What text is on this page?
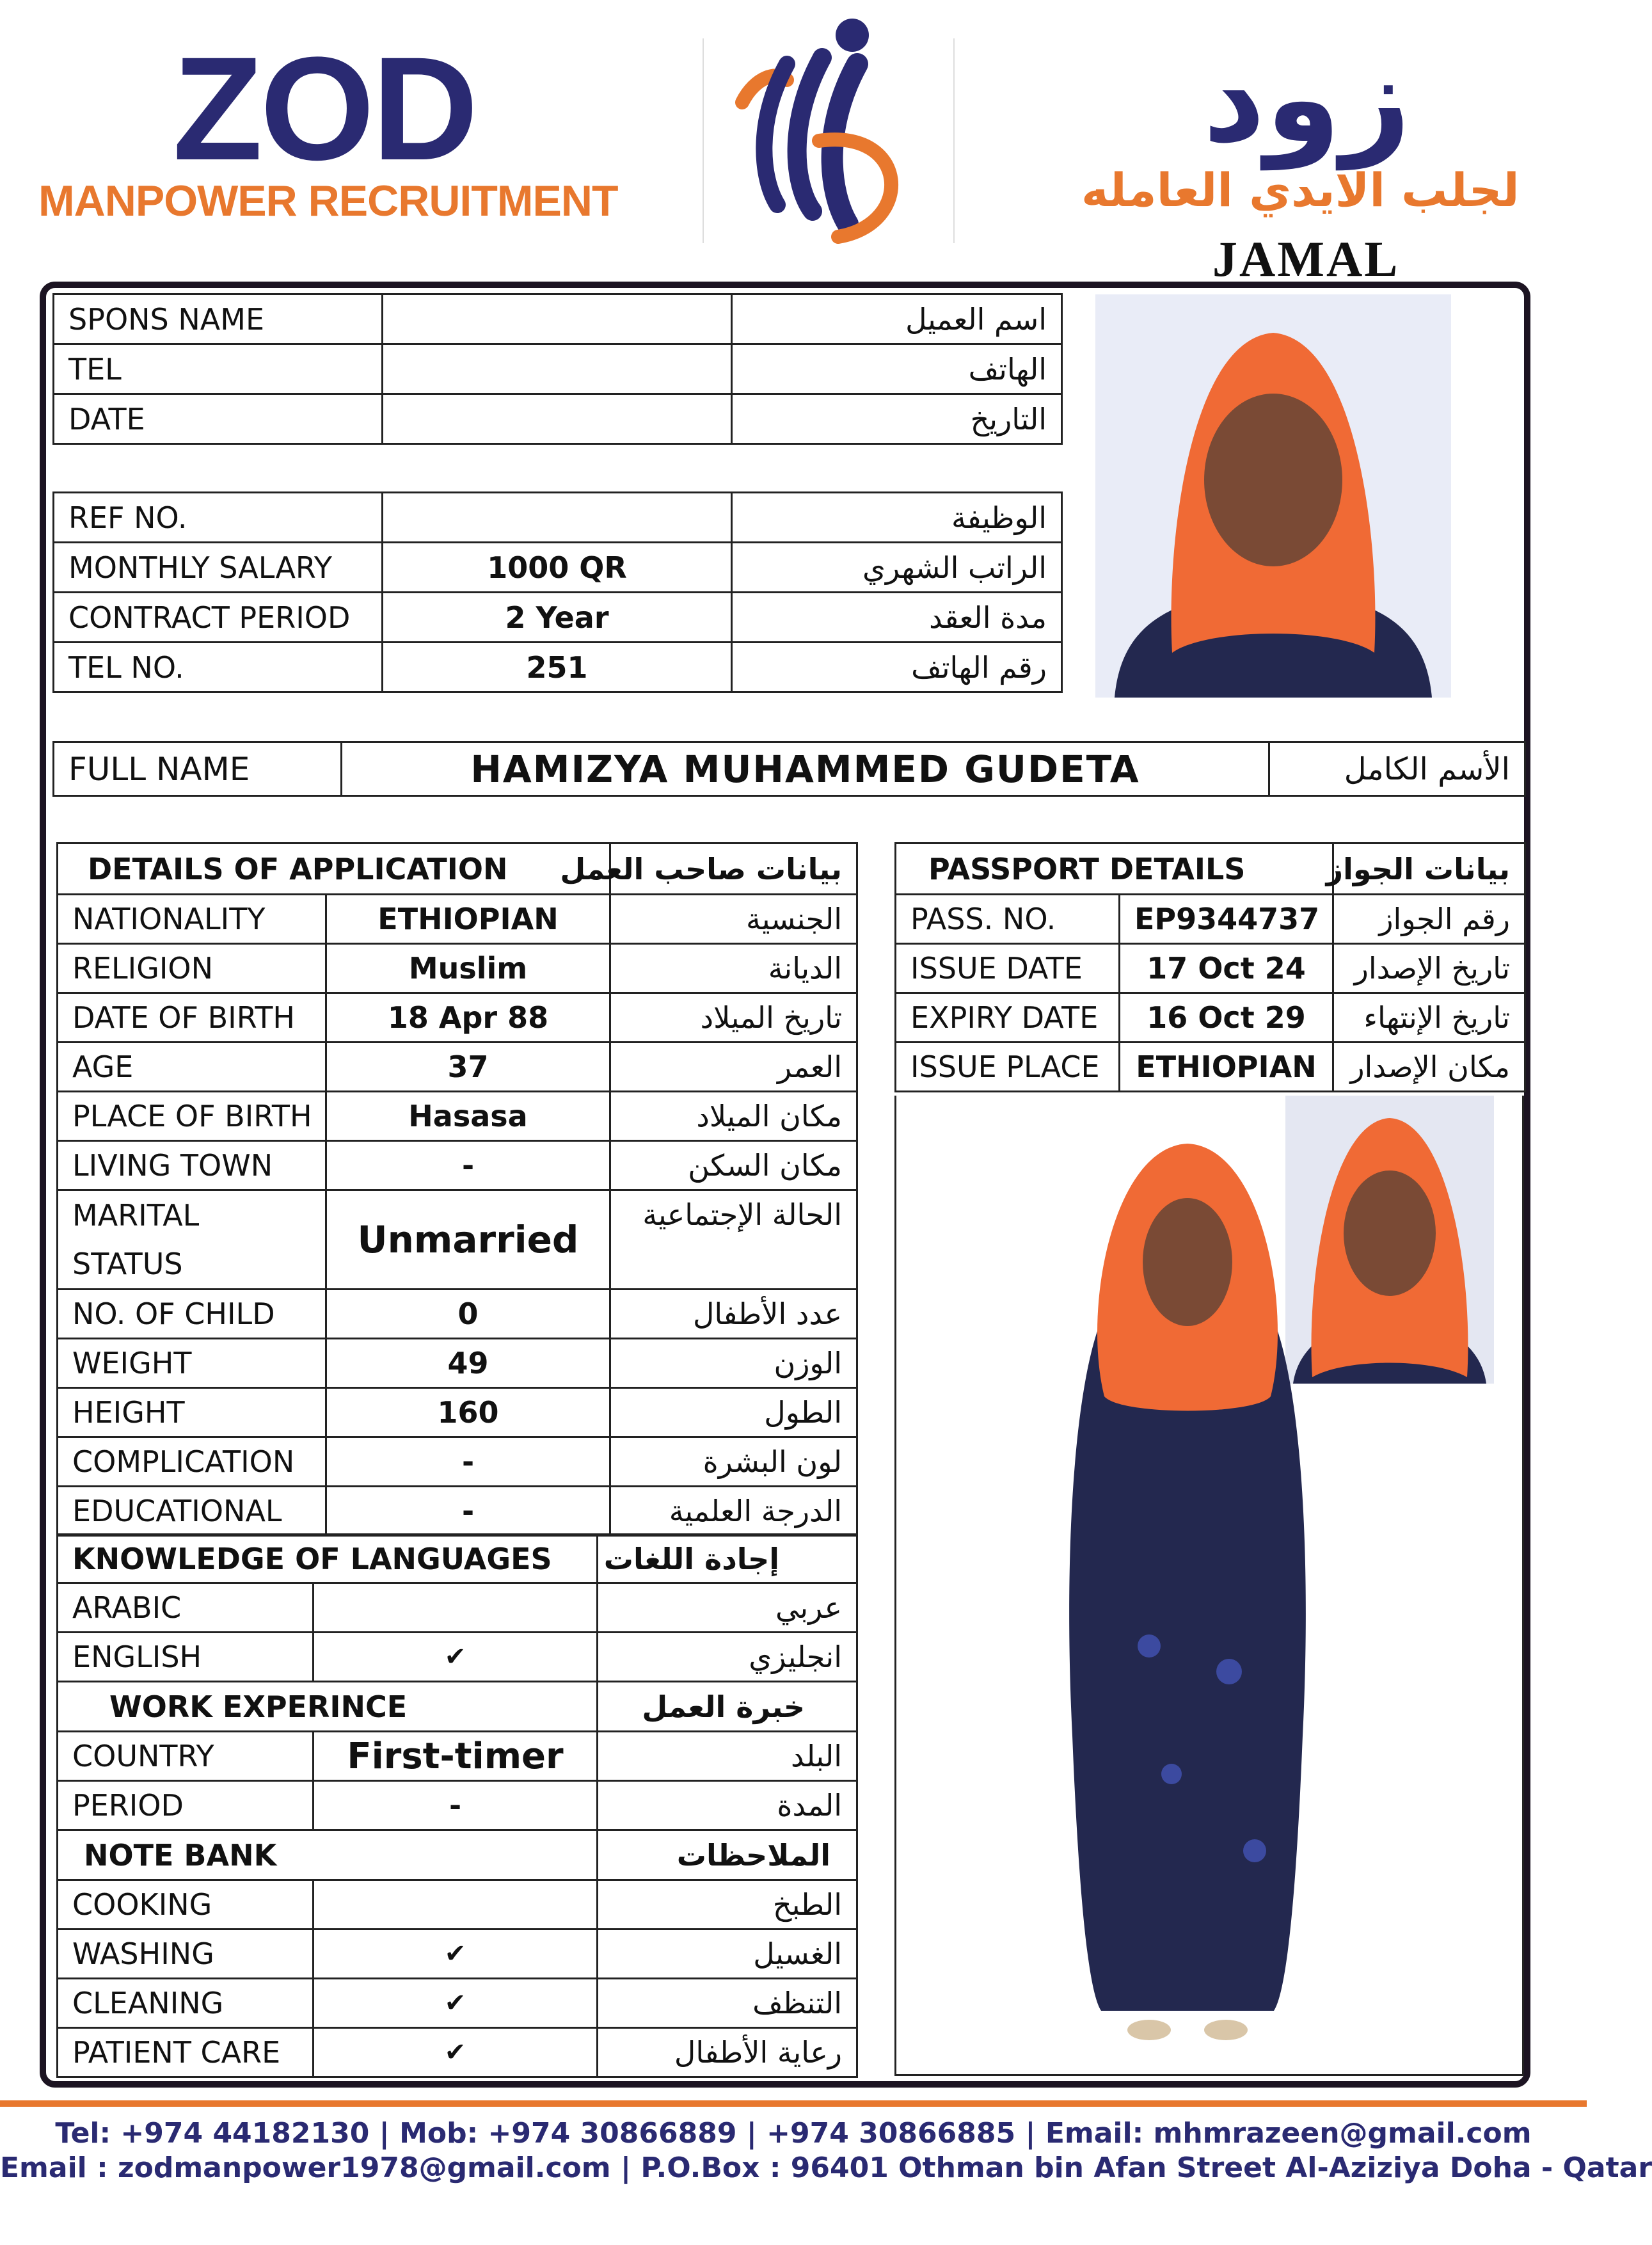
ZOD
MANPOWER RECRUITMENT
زود
لجلب الايدي العامله
JAMAL
SPONS NAME		اسم العميل
TEL		الهاتف
DATE		التاريخ
REF NO.		الوظيفة
MONTHLY SALARY	1000 QR	الراتب الشهري
CONTRACT PERIOD	2 Year	مدة العقد
TEL NO.	251	رقم الهاتف
FULL NAME	HAMIZYA MUHAMMED GUDETA	الأسم الكامل
DETAILS OF APPLICATION		بيانات صاحب العمل
NATIONALITY	ETHIOPIAN	الجنسية
RELIGION	Muslim	الديانة
DATE OF BIRTH	18 Apr 88	تاريخ الميلاد
AGE	37	العمر
PLACE OF BIRTH	Hasasa	مكان الميلاد
LIVING TOWN	-	مكان السكن
MARITAL STATUS	Unmarried	الحالة الإجتماعية
NO. OF CHILD	0	عدد الأطفال
WEIGHT	49	الوزن
HEIGHT	160	الطول
COMPLICATION	-	لون البشرة
EDUCATIONAL	-	الدرجة العلمية
KNOWLEDGE OF LANGUAGES		إجادة اللغات
ARABIC		عربي
ENGLISH	✔	انجليزي
WORK EXPERINCE		خبرة العمل
COUNTRY	First-timer	البلد
PERIOD	-	المدة
NOTE BANK		الملاحظات
COOKING		الطبخ
WASHING	✔	الغسيل
CLEANING	✔	التنظف
PATIENT CARE	✔	رعاية الأطفال
PASSPORT DETAILS		بيانات الجواز
PASS. NO.	EP9344737	رقم الجواز
ISSUE DATE	17 Oct 24	تاريخ الإصدار
EXPIRY DATE	16 Oct 29	تاريخ الإنتهاء
ISSUE PLACE	ETHIOPIAN	مكان الإصدار
Tel: +974 44182130 | Mob: +974 30866889 | +974 30866885 | Email: mhmrazeen@gmail.com
Email : zodmanpower1978@gmail.com | P.O.Box : 96401 Othman bin Afan Street Al-Aziziya Doha - Qatar
